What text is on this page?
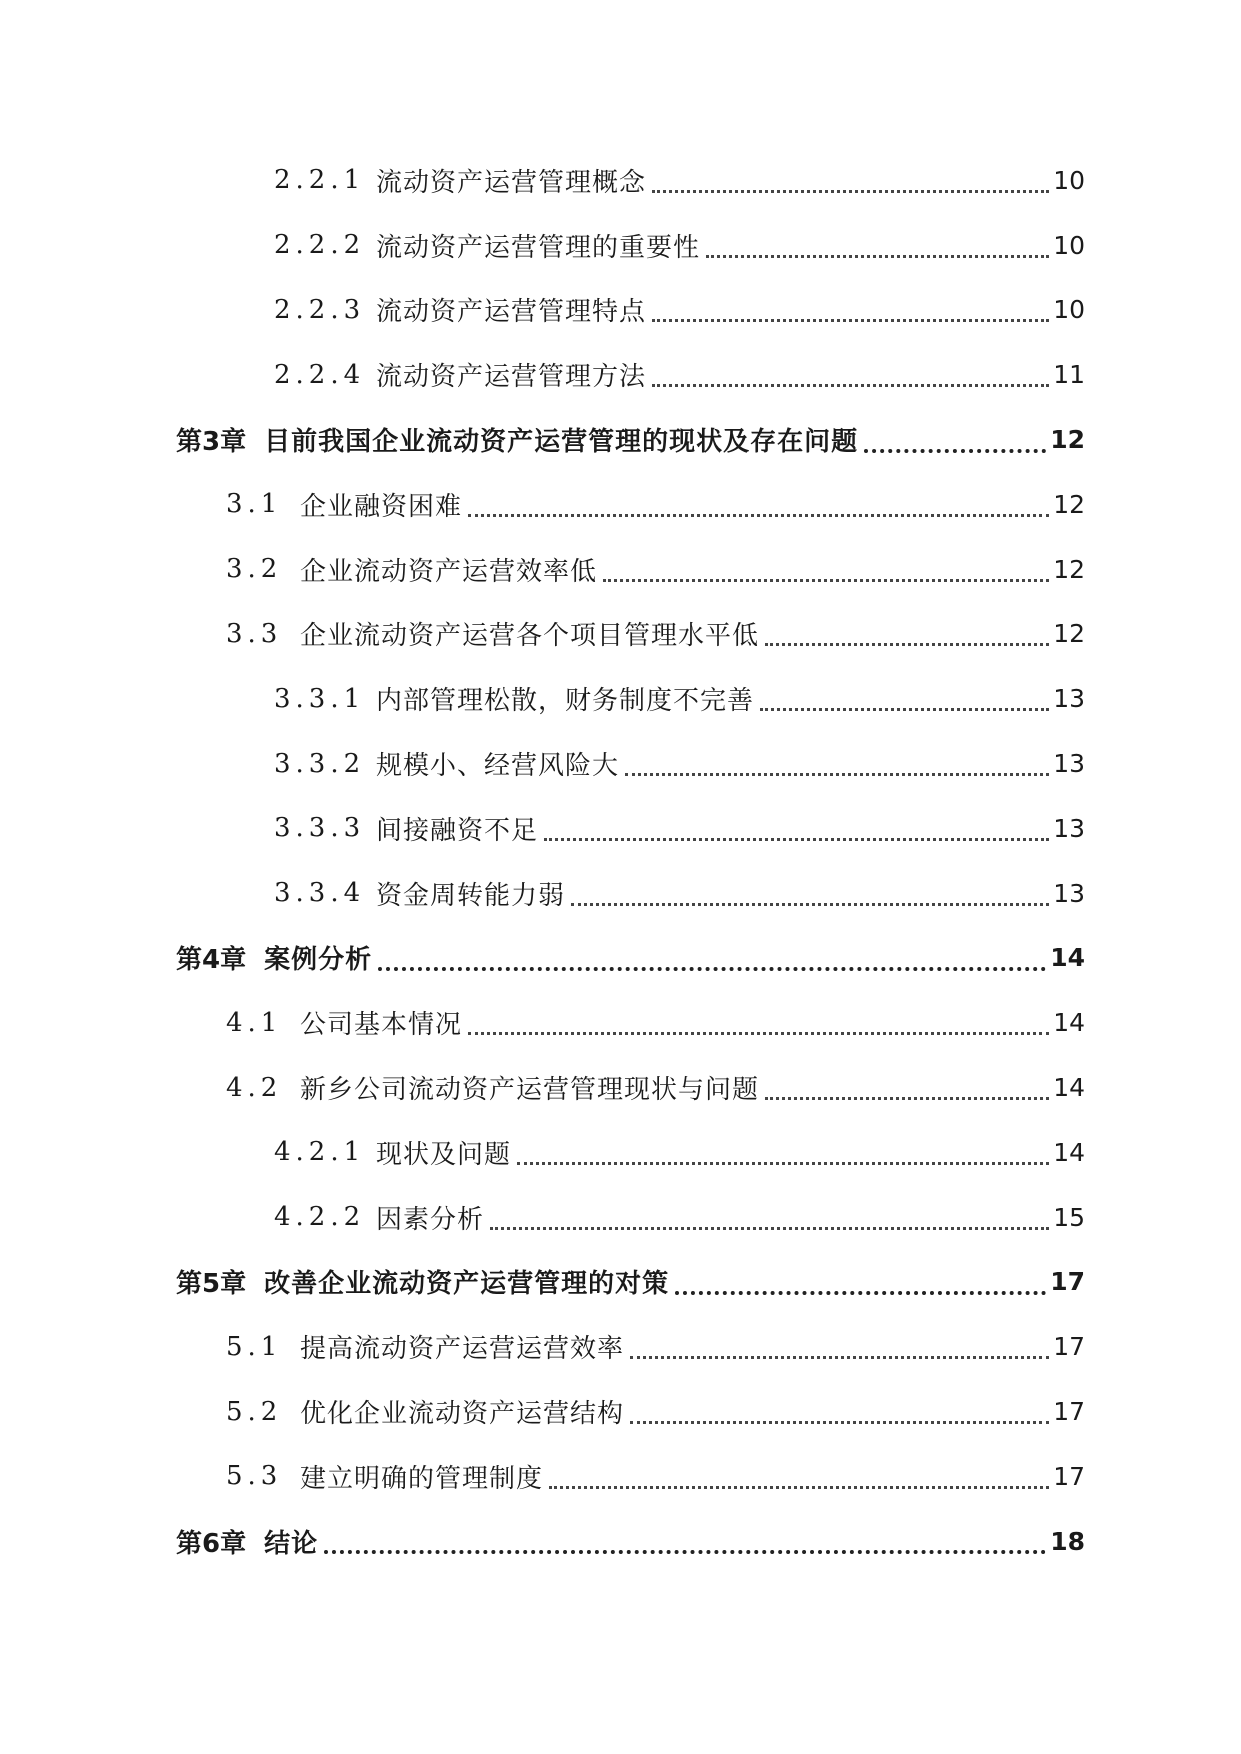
2.2.1 流动资产运营管理概念	10
2.2.2 流动资产运营管理的重要性	10
2.2.3 流动资产运营管理特点	10
2.2.4 流动资产运营管理方法	11
第3章 目前我国企业流动资产运营管理的现状及存在问题	12
3.1 企业融资困难	12
3.2 企业流动资产运营效率低	12
3.3 企业流动资产运营各个项目管理水平低	12
3.3.1 内部管理松散，财务制度不完善	13
3.3.2 规模小、经营风险大	13
3.3.3 间接融资不足	13
3.3.4 资金周转能力弱	13
第4章 案例分析	14
4.1 公司基本情况	14
4.2 新乡公司流动资产运营管理现状与问题	14
4.2.1 现状及问题	14
4.2.2 因素分析	15
第5章 改善企业流动资产运营管理的对策	17
5.1 提高流动资产运营运营效率	17
5.2 优化企业流动资产运营结构	17
5.3 建立明确的管理制度	17
第6章 结论	18
